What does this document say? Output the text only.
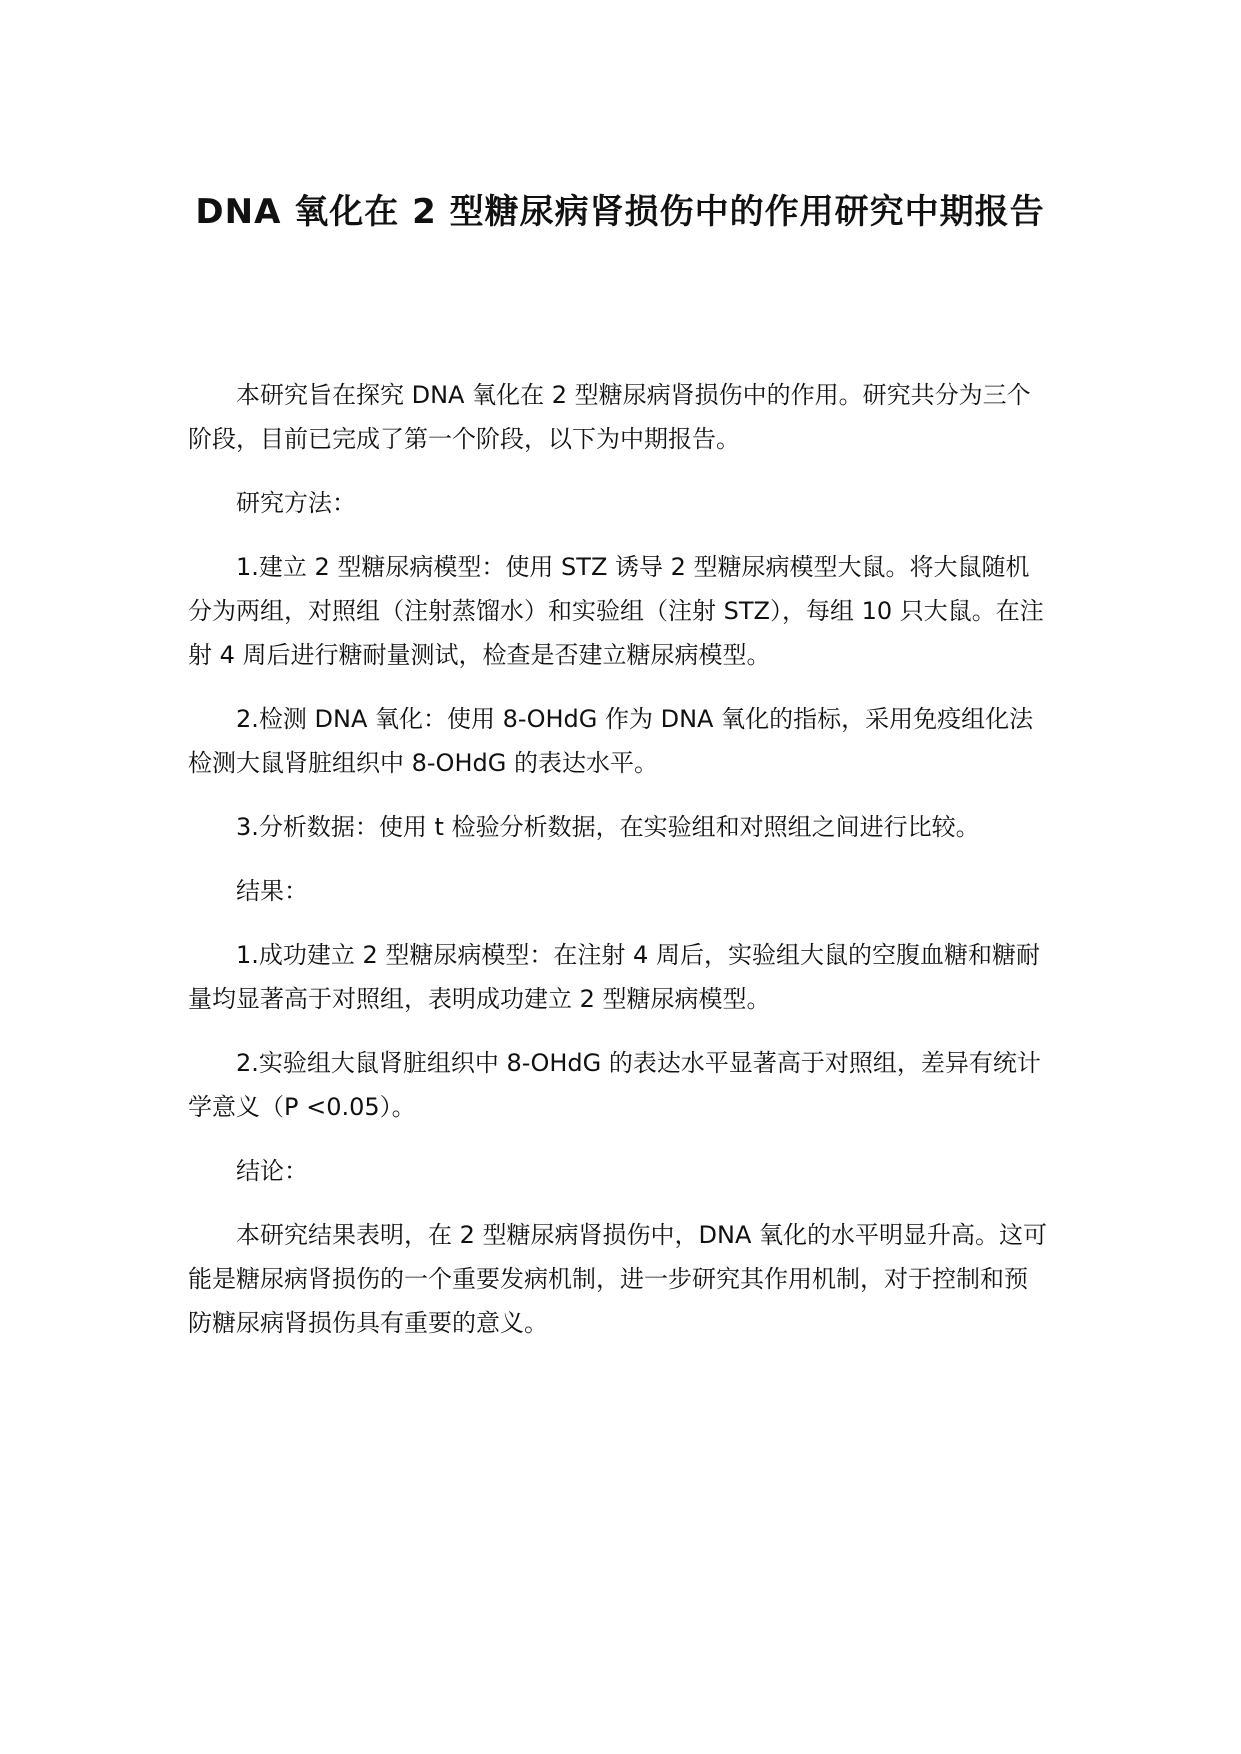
DNA 氧化在 2 型糖尿病肾损伤中的作用研究中期报告

本研究旨在探究 DNA 氧化在 2 型糖尿病肾损伤中的作用。研究共分为三个阶段，目前已完成了第一个阶段，以下为中期报告。

研究方法：

1.建立 2 型糖尿病模型：使用 STZ 诱导 2 型糖尿病模型大鼠。将大鼠随机分为两组，对照组（注射蒸馏水）和实验组（注射 STZ），每组 10 只大鼠。在注射 4 周后进行糖耐量测试，检查是否建立糖尿病模型。

2.检测 DNA 氧化：使用 8-OHdG 作为 DNA 氧化的指标，采用免疫组化法检测大鼠肾脏组织中 8-OHdG 的表达水平。

3.分析数据：使用 t 检验分析数据，在实验组和对照组之间进行比较。

结果：

1.成功建立 2 型糖尿病模型：在注射 4 周后，实验组大鼠的空腹血糖和糖耐量均显著高于对照组，表明成功建立 2 型糖尿病模型。

2.实验组大鼠肾脏组织中 8-OHdG 的表达水平显著高于对照组，差异有统计学意义（P <0.05）。

结论：

本研究结果表明，在 2 型糖尿病肾损伤中，DNA 氧化的水平明显升高。这可能是糖尿病肾损伤的一个重要发病机制，进一步研究其作用机制，对于控制和预防糖尿病肾损伤具有重要的意义。
